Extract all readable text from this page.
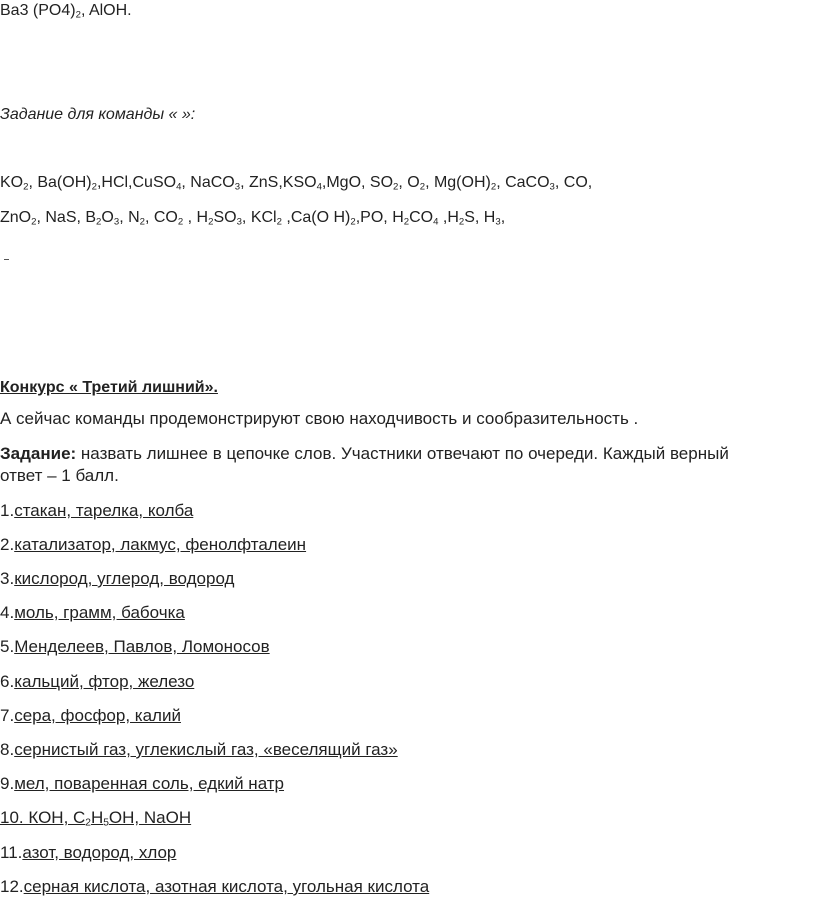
Ba3 $(PO4)_2$, AlOH.
Задание для команды « »:
$KO_2$, $Ba(OH)_2,HCl,CuSO_4$, NaCO$_3$, $ZnS,KSO_4,MgO$, $SO_2$, $O_2$, $Mg(OH)_2$, CaCO$_3$, CO,
ZnO$_2$, NaS, $B_2O_3$, $N_2$, $CO_2$ , $H_2SO_3$, KCl$_2$ ,Ca(O $H)_2,PO$, $H_2CO_4$ $,H_2S$, $H_3$,
Конкурс « Третий лишний».
А сейчас команды продемонстрируют свою находчивость и сообразительность .
Задание: назвать лишнее в цепочке слов. Участники отвечают по очереди. Каждый верный
ответ – 1 балл.
1.стакан, тарелка, колба
2.катализатор, лакмус, фенолфталеин
3.кислород, углерод, водород
4.моль, грамм, бабочка
5.Менделеев, Павлов, Ломоносов
6.кальций, фтор, железо
7.сера, фосфор, калий
8.сернистый газ, углекислый газ, «веселящий газ»
9.мел, поваренная соль, едкий натр
10. КОН, $C_2H_5OH$, NaOH
11.азот, водород, хлор
12.серная кислота, азотная кислота, угольная кислота
